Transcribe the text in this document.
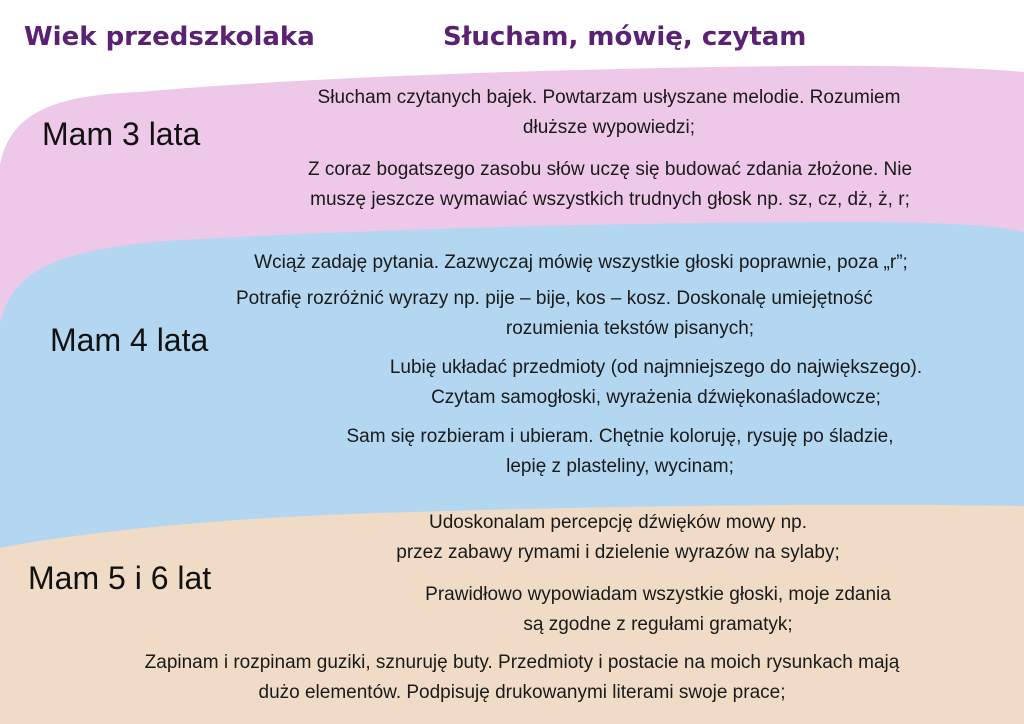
Wiek przedszkolaka	Słucham, mówię, czytam
Mam 3 lata
Słucham czytanych bajek. Powtarzam usłyszane melodie. Rozumiem
dłuższe wypowiedzi;
Z coraz bogatszego zasobu słów uczę się budować zdania złożone. Nie
muszę jeszcze wymawiać wszystkich trudnych głosk np. sz, cz, dż, ż, r;
Mam 4 lata
Wciąż zadaję pytania. Zazwyczaj mówię wszystkie głoski poprawnie, poza „r”;
Potrafię rozróżnić wyrazy np. pije – bije, kos – kosz. Doskonalę umiejętność
rozumienia tekstów pisanych;
Lubię układać przedmioty (od najmniejszego do największego).
Czytam samogłoski, wyrażenia dźwiękonaśladowcze;
Sam się rozbieram i ubieram. Chętnie koloruję, rysuję po śladzie,
lepię z plasteliny, wycinam;
Mam 5 i 6 lat
Udoskonalam percepcję dźwięków mowy np.
przez zabawy rymami i dzielenie wyrazów na sylaby;
Prawidłowo wypowiadam wszystkie głoski, moje zdania
są zgodne z regułami gramatyk;
Zapinam i rozpinam guziki, sznuruję buty. Przedmioty i postacie na moich rysunkach mają
dużo elementów. Podpisuję drukowanymi literami swoje prace;
